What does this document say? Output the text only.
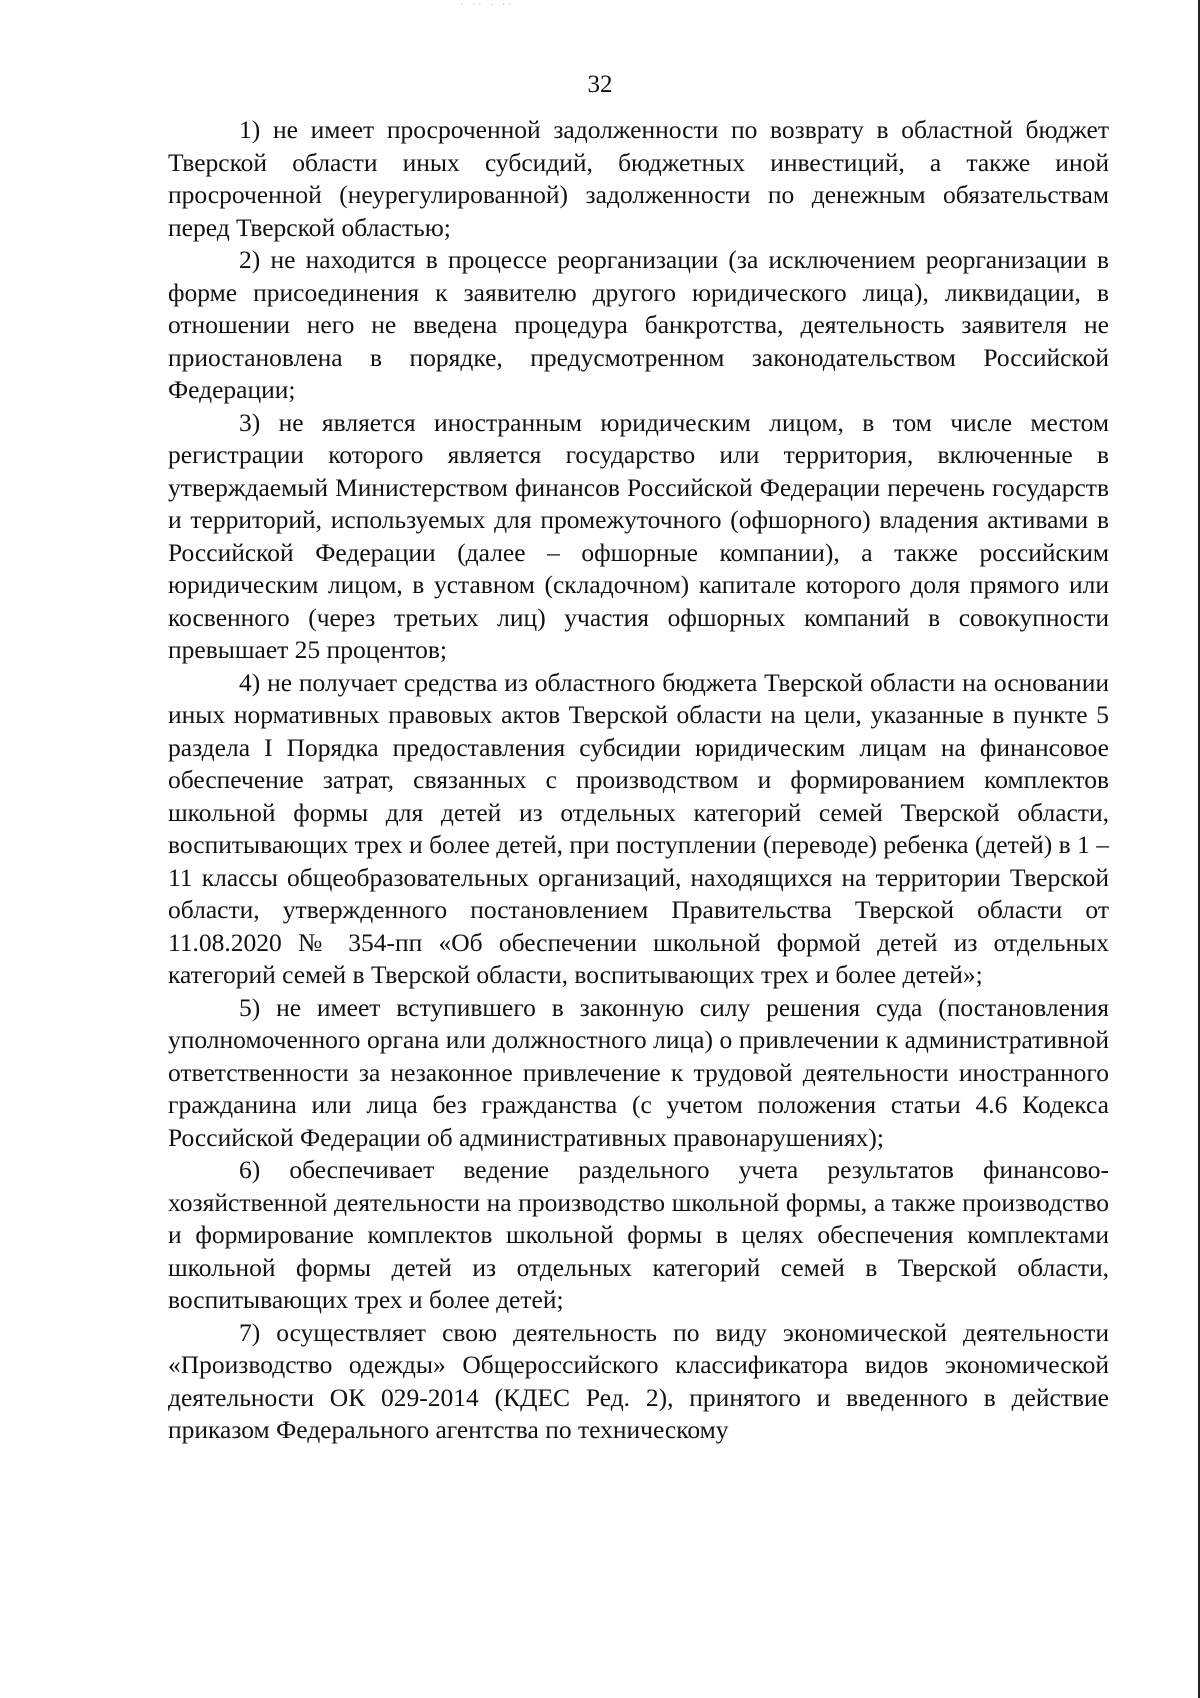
· ·· · ··
32

1) не имеет просроченной задолженности по возврату в областной бюджет Тверской области иных субсидий, бюджетных инвестиций, а также иной просроченной (неурегулированной) задолженности по денежным обязательствам перед Тверской областью;

2) не находится в процессе реорганизации (за исключением реорганизации в форме присоединения к заявителю другого юридического лица), ликвидации, в отношении него не введена процедура банкротства, деятельность заявителя не приостановлена в порядке, предусмотренном законодательством Российской Федерации;

3) не является иностранным юридическим лицом, в том числе местом регистрации которого является государство или территория, включенные в утверждаемый Министерством финансов Российской Федерации перечень государств и территорий, используемых для промежуточного (офшорного) владения активами в Российской Федерации (далее – офшорные компании), а также российским юридическим лицом, в уставном (складочном) капитале которого доля прямого или косвенного (через третьих лиц) участия офшорных компаний в совокупности превышает 25 процентов;

4) не получает средства из областного бюджета Тверской области на основании иных нормативных правовых актов Тверской области на цели, указанные в пункте 5 раздела I Порядка предоставления субсидии юридическим лицам на финансовое обеспечение затрат, связанных с производством и формированием комплектов школьной формы для детей из отдельных категорий семей Тверской области, воспитывающих трех и более детей, при поступлении (переводе) ребенка (детей) в 1 – 11 классы общеобразовательных организаций, находящихся на территории Тверской области, утвержденного постановлением Правительства Тверской области от 11.08.2020 № 354-пп «Об обеспечении школьной формой детей из отдельных категорий семей в Тверской области, воспитывающих трех и более детей»;

5) не имеет вступившего в законную силу решения суда (постановления уполномоченного органа или должностного лица) о привлечении к административной ответственности за незаконное привлечение к трудовой деятельности иностранного гражданина или лица без гражданства (с учетом положения статьи 4.6 Кодекса Российской Федерации об административных правонарушениях);

6) обеспечивает ведение раздельного учета результатов финансово-хозяйственной деятельности на производство школьной формы, а также производство и формирование комплектов школьной формы в целях обеспечения комплектами школьной формы детей из отдельных категорий семей в Тверской области, воспитывающих трех и более детей;

7) осуществляет свою деятельность по виду экономической деятельности «Производство одежды» Общероссийского классификатора видов экономической деятельности ОК 029-2014 (КДЕС Ред. 2), принятого и введенного в действие приказом Федерального агентства по техническому
